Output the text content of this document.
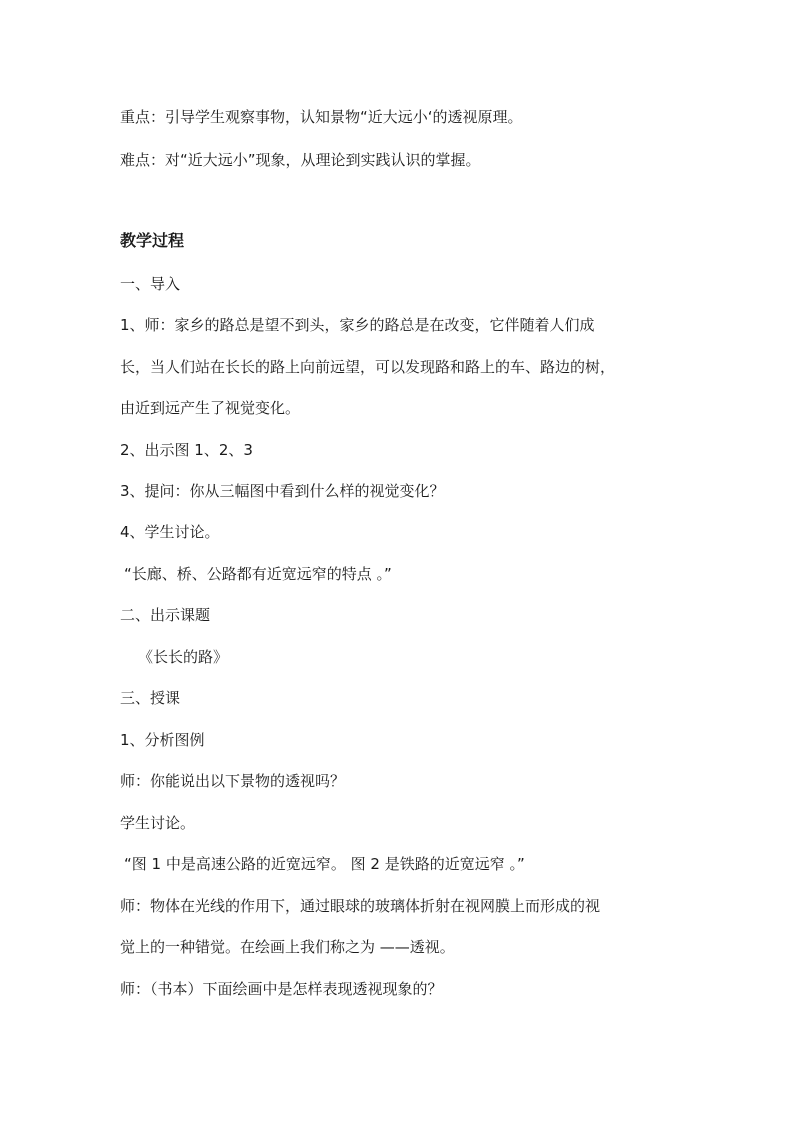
重点：引导学生观察事物，认知景物“近大远小‘的透视原理。
难点：对“近大远小”现象，从理论到实践认识的掌握。
教学过程
一、导入
1、师：家乡的路总是望不到头，家乡的路总是在改变，它伴随着人们成
长，当人们站在长长的路上向前远望，可以发现路和路上的车、路边的树，
由近到远产生了视觉变化。
2、出示图 1、2、3
3、提问：你从三幅图中看到什么样的视觉变化？
4、学生讨论。
“长廊、桥、公路都有近宽远窄的特点 。”
二、出示课题
《长长的路》
三、授课
1、分析图例
师：你能说出以下景物的透视吗？
学生讨论。
“图 1 中是高速公路的近宽远窄。 图 2 是铁路的近宽远窄 。”
师：物体在光线的作用下，通过眼球的玻璃体折射在视网膜上而形成的视
觉上的一种错觉。在绘画上我们称之为 ——透视。
师：（书本）下面绘画中是怎样表现透视现象的？
